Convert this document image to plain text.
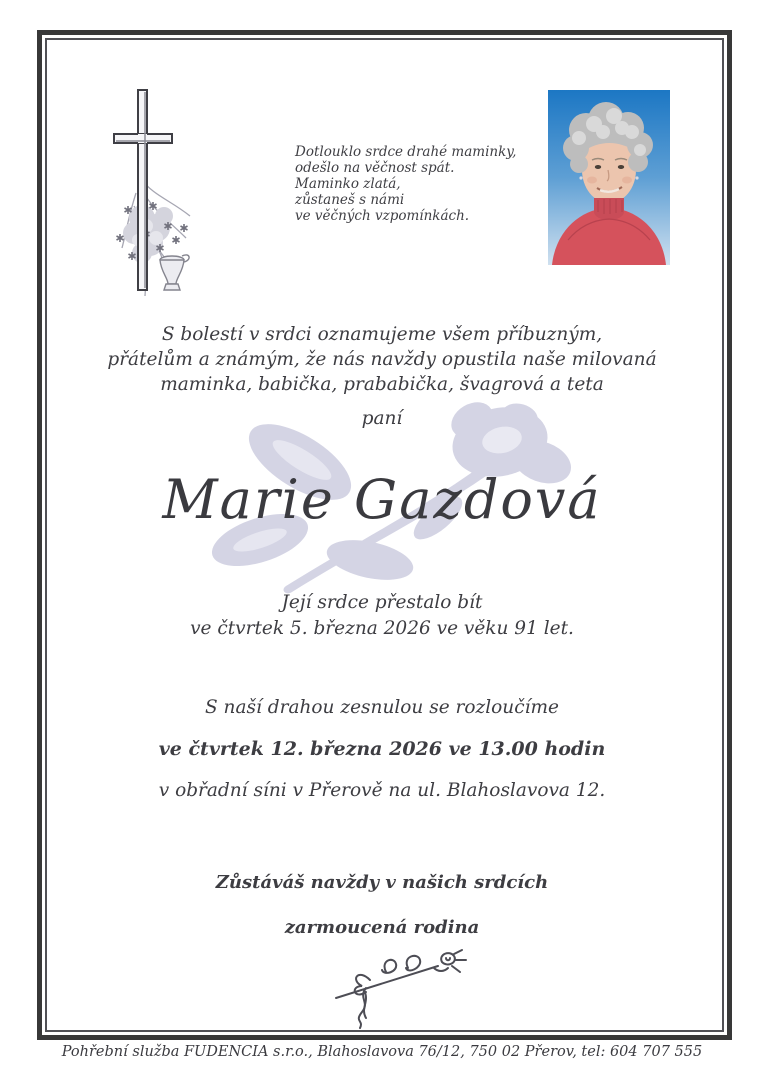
Dotlouklo srdce drahé maminky,
odešlo na věčnost spát.
Maminko zlatá,
zůstaneš s námi
ve věčných vzpomínkách.
S bolestí v srdci oznamujeme všem příbuzným,
přátelům a známým, že nás navždy opustila naše milovaná
maminka, babička, prababička, švagrová a teta
paní
Marie Gazdová
Její srdce přestalo bít
ve čtvrtek 5. března 2026 ve věku 91 let.
S naší drahou zesnulou se rozloučíme
ve čtvrtek 12. března 2026 ve 13.00 hodin
v obřadní síni v Přerově na ul. Blahoslavova 12.
Zůstáváš navždy v našich srdcích
zarmoucená rodina
Pohřební služba FUDENCIA s.r.o., Blahoslavova 76/12, 750 02 Přerov, tel: 604 707 555
